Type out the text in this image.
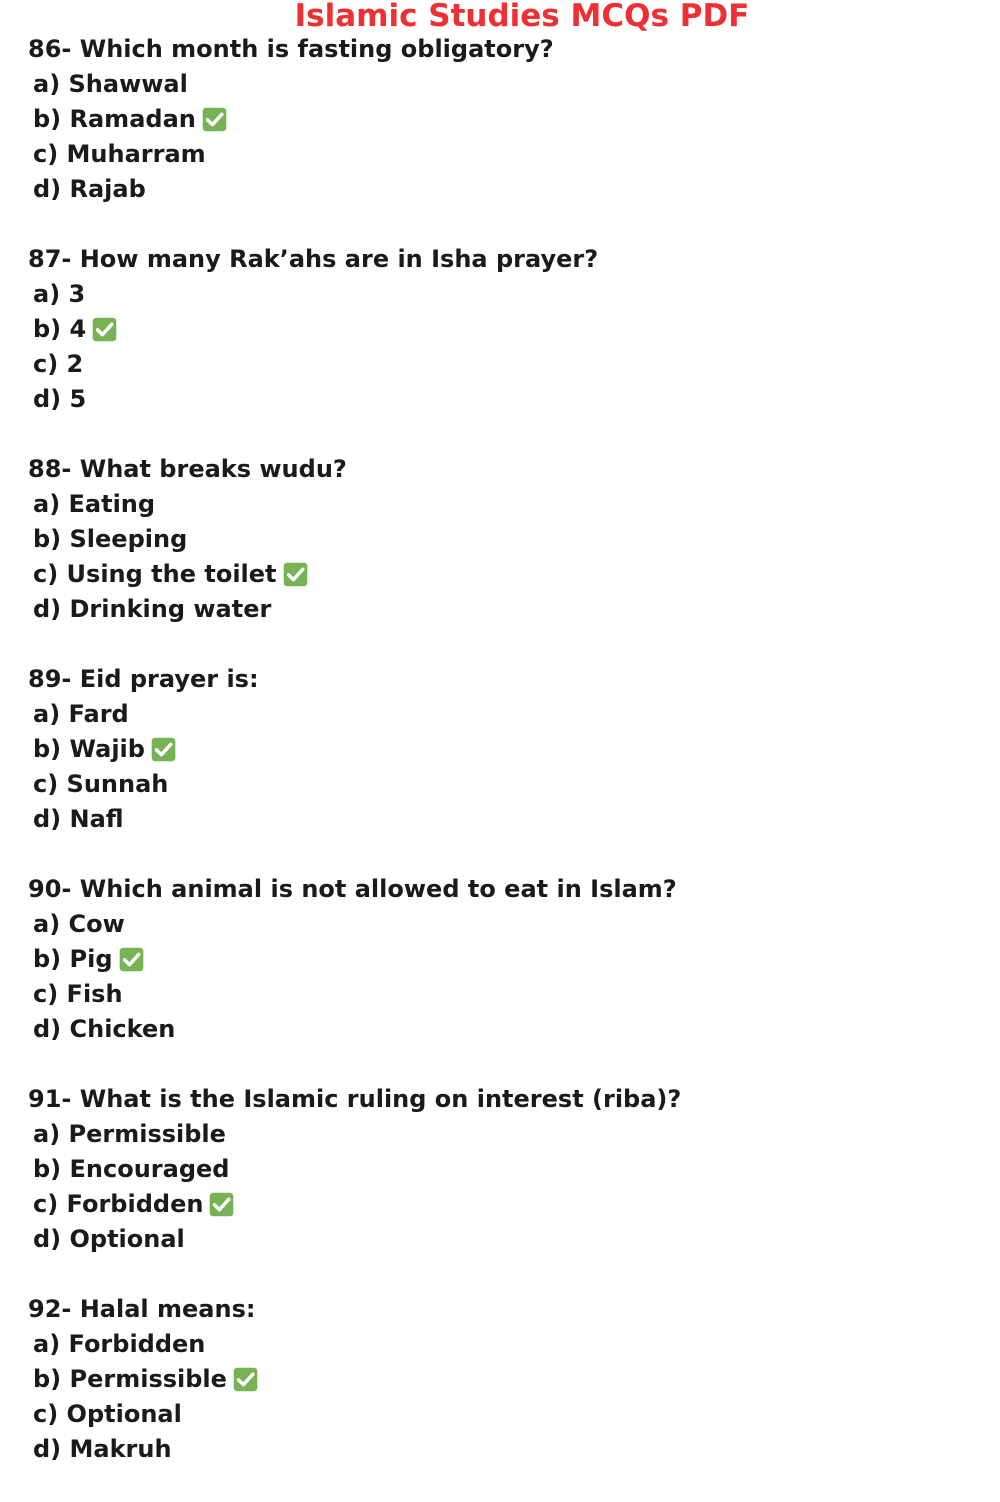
Islamic Studies MCQs PDF
86- Which month is fasting obligatory?
a) Shawwal
b) Ramadan
c) Muharram
d) Rajab
87- How many Rak’ahs are in Isha prayer?
a) 3
b) 4
c) 2
d) 5
88- What breaks wudu?
a) Eating
b) Sleeping
c) Using the toilet
d) Drinking water
89- Eid prayer is:
a) Fard
b) Wajib
c) Sunnah
d) Nafl
90- Which animal is not allowed to eat in Islam?
a) Cow
b) Pig
c) Fish
d) Chicken
91- What is the Islamic ruling on interest (riba)?
a) Permissible
b) Encouraged
c) Forbidden
d) Optional
92- Halal means:
a) Forbidden
b) Permissible
c) Optional
d) Makruh
